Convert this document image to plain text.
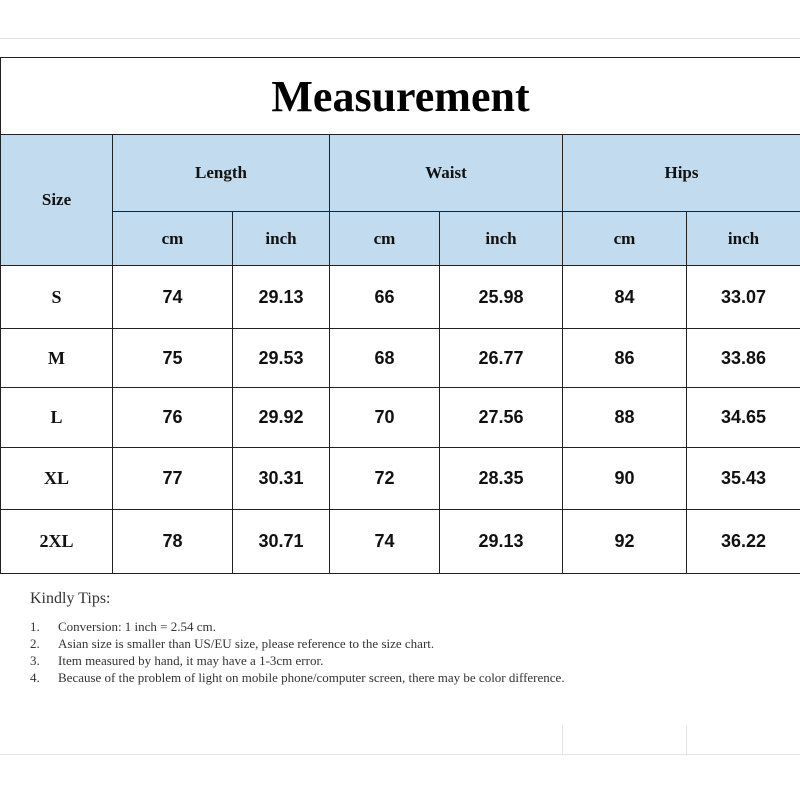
Measurement						
Size	Length		Waist		Hips	
	cm	inch	cm	inch	cm	inch
S	74	29.13	66	25.98	84	33.07
M	75	29.53	68	26.77	86	33.86
L	76	29.92	70	27.56	88	34.65
XL	77	30.31	72	28.35	90	35.43
2XL	78	30.71	74	29.13	92	36.22
Kindly Tips:
1.	Conversion: 1 inch = 2.54 cm.
2.	Asian size is smaller than US/EU size, please reference to the size chart.
3.	Item measured by hand, it may have a 1-3cm error.
4.	Because of the problem of light on mobile phone/computer screen, there may be color difference.
